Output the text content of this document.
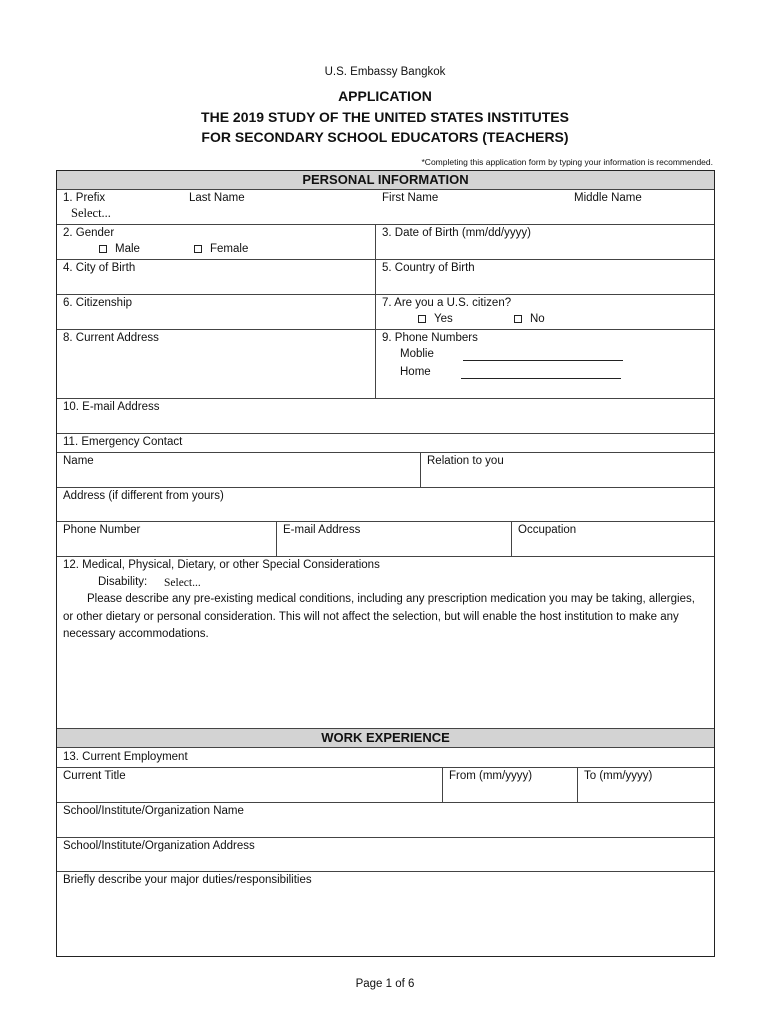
U.S. Embassy Bangkok
APPLICATION
THE 2019 STUDY OF THE UNITED STATES INSTITUTES
FOR SECONDARY SCHOOL EDUCATORS (TEACHERS)
*Completing this application form by typing your information is recommended.
PERSONAL INFORMATION
1. Prefix
Select...
Last Name	First Name	Middle Name
2. Gender
Male	Female
3. Date of Birth (mm/dd/yyyy)
4. City of Birth	5. Country of Birth
6. Citizenship	7. Are you a U.S. citizen?
Yes	No
8. Current Address	9. Phone Numbers
Moblie
Home
10. E-mail Address
11. Emergency Contact
Name	Relation to you
Address (if different from yours)
Phone Number	E-mail Address	Occupation
12. Medical, Physical, Dietary, or other Special Considerations
Disability: Select...
Please describe any pre-existing medical conditions, including any prescription medication you may be taking, allergies, or other dietary or personal consideration. This will not affect the selection, but will enable the host institution to make any necessary accommodations.
WORK EXPERIENCE
13. Current Employment
Current Title	From (mm/yyyy)	To (mm/yyyy)
School/Institute/Organization Name
School/Institute/Organization Address
Briefly describe your major duties/responsibilities
Page 1 of 6
